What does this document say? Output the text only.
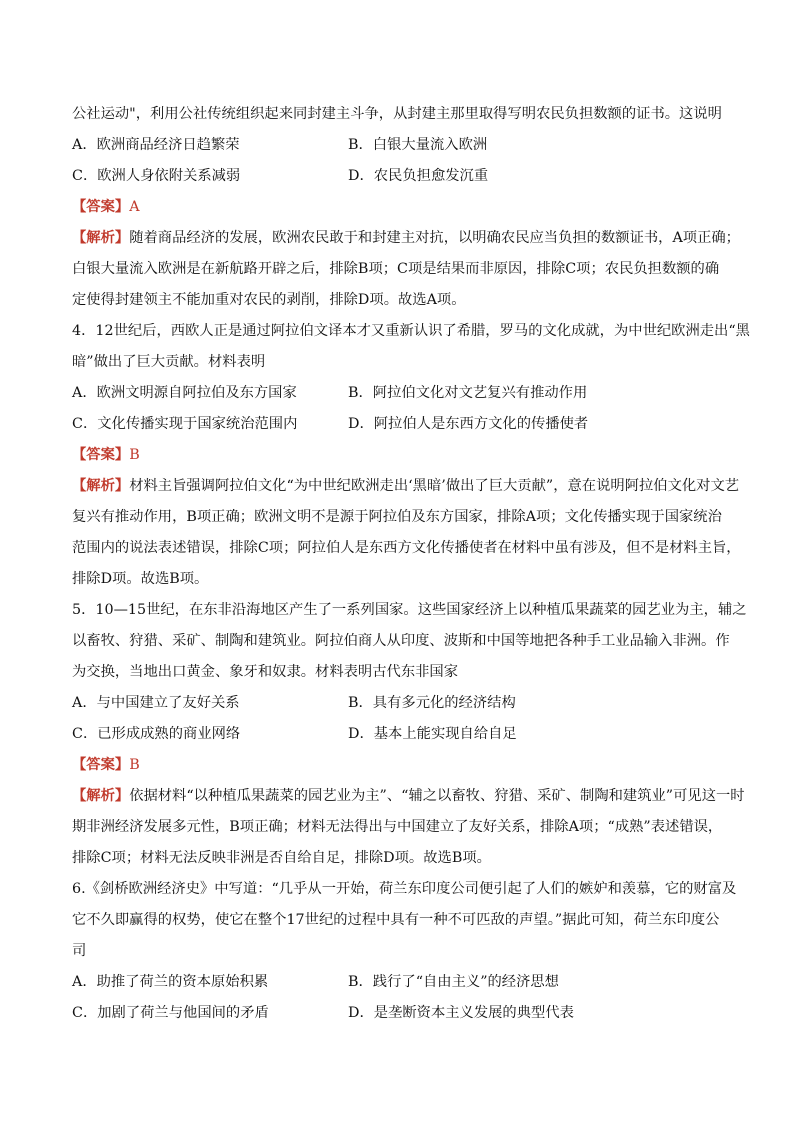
公社运动"，利用公社传统组织起来同封建主斗争，从封建主那里取得写明农民负担数额的证书。这说明
A．欧洲商品经济日趋繁荣	B．白银大量流入欧洲
C．欧洲人身依附关系减弱	D．农民负担愈发沉重
【答案】A
【解析】随着商品经济的发展，欧洲农民敢于和封建主对抗，以明确农民应当负担的数额证书，A项正确；
白银大量流入欧洲是在新航路开辟之后，排除B项；C项是结果而非原因，排除C项；农民负担数额的确
定使得封建领主不能加重对农民的剥削，排除D项。故选A项。
4．12世纪后，西欧人正是通过阿拉伯文译本才又重新认识了希腊，罗马的文化成就，为中世纪欧洲走出“黑
暗”做出了巨大贡献。材料表明
A．欧洲文明源自阿拉伯及东方国家	B．阿拉伯文化对文艺复兴有推动作用
C．文化传播实现于国家统治范围内	D．阿拉伯人是东西方文化的传播使者
【答案】B
【解析】材料主旨强调阿拉伯文化“为中世纪欧洲走出‘黑暗’做出了巨大贡献”，意在说明阿拉伯文化对文艺
复兴有推动作用，B项正确；欧洲文明不是源于阿拉伯及东方国家，排除A项；文化传播实现于国家统治
范围内的说法表述错误，排除C项；阿拉伯人是东西方文化传播使者在材料中虽有涉及，但不是材料主旨，
排除D项。故选B项。
5．10—15世纪，在东非沿海地区产生了一系列国家。这些国家经济上以种植瓜果蔬菜的园艺业为主，辅之
以畜牧、狩猎、采矿、制陶和建筑业。阿拉伯商人从印度、波斯和中国等地把各种手工业品输入非洲。作
为交换，当地出口黄金、象牙和奴隶。材料表明古代东非国家
A．与中国建立了友好关系	B．具有多元化的经济结构
C．已形成成熟的商业网络	D．基本上能实现自给自足
【答案】B
【解析】依据材料“以种植瓜果蔬菜的园艺业为主”、“辅之以畜牧、狩猎、采矿、制陶和建筑业”可见这一时
期非洲经济发展多元性，B项正确；材料无法得出与中国建立了友好关系，排除A项；“成熟”表述错误，
排除C项；材料无法反映非洲是否自给自足，排除D项。故选B项。
6.《剑桥欧洲经济史》中写道：“几乎从一开始，荷兰东印度公司便引起了人们的嫉妒和羡慕，它的财富及
它不久即赢得的权势，使它在整个17世纪的过程中具有一种不可匹敌的声望。”据此可知，荷兰东印度公
司
A．助推了荷兰的资本原始积累	B．践行了“自由主义”的经济思想
C．加剧了荷兰与他国间的矛盾	D．是垄断资本主义发展的典型代表
